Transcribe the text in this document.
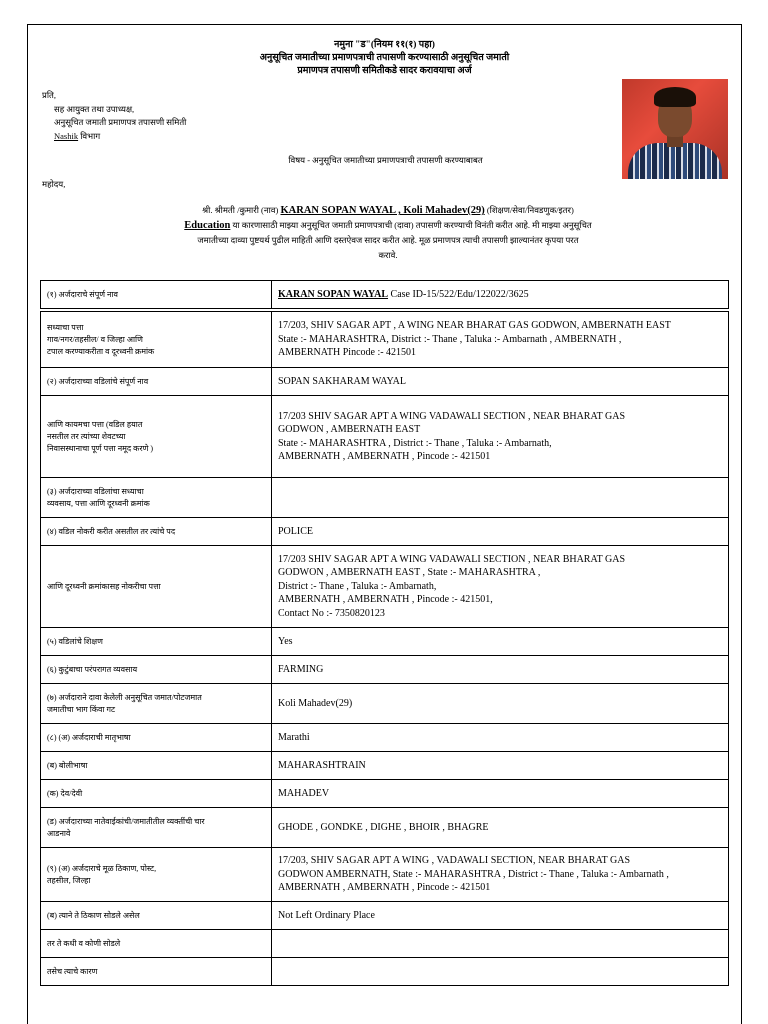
नमुना "ड"(नियम ११(१) पहा)
अनुसूचित जमातीच्या प्रमाणपत्राची तपासणी करण्यासाठी अनुसूचित जमाती
प्रमाणपत्र तपासणी समितीकडे सादर करावयाचा अर्ज
प्रति,
सह आयुक्त तथा उपाध्यक्ष,
अनुसूचित जमाती प्रमाणपत्र तपासणी समिती
Nashik विभाग
विषय - अनुसूचित जमातीच्या प्रमाणपत्राची तपासणी करण्याबाबत
महोदय,
श्री. श्रीमती /कुमारी (नाव) KARAN SOPAN WAYAL , Koli Mahadev(29) (शिक्षण/सेवा/निवडणुक/इतर)
Education या कारणासाठी माझ्या अनुसूचित जमाती प्रमाणपत्राची (दावा) तपासणी करण्याची विनंती करीत आहे. मी माझ्या अनुसूचित
जमातीच्या दाव्या पुष्टयर्थ पुढील माहिती आणि दस्तऐवज सादर करीत आहे. मूळ प्रमाणपत्र त्याची तपासणी झाल्यानंतर कृपया परत
करावे.
(१) अर्जदाराचे संपूर्ण नाव	KARAN SOPAN WAYAL Case ID-15/522/Edu/122022/3625

सध्याचा पत्ता
गाव/नगर/तहसील/ व जिल्हा आणि
टपाल करण्याकरीता व दूरध्वनी क्रमांक	17/203, SHIV SAGAR APT , A WING NEAR BHARAT GAS GODWON, AMBERNATH EAST
State :- MAHARASHTRA, District :- Thane , Taluka :- Ambarnath , AMBERNATH ,
AMBERNATH Pincode :- 421501
(२) अर्जदाराच्या वडिलांचे संपूर्ण नाव	SOPAN SAKHARAM WAYAL
आणि कायमचा पत्ता (वडिल हयात
नसतील तर त्यांच्या शेवटच्या
निवासस्थानाचा पूर्ण पत्ता नमूद करणे )	17/203 SHIV SAGAR APT A WING VADAWALI SECTION , NEAR BHARAT GAS
GODWON , AMBERNATH EAST
State :- MAHARASHTRA , District :- Thane , Taluka :- Ambarnath,
AMBERNATH , AMBERNATH , Pincode :- 421501
(३) अर्जदाराच्या वडिलांचा सध्याचा
व्यवसाय, पत्ता आणि दूरध्वनी क्रमांक	
(४) वडिल नोकरी करीत असतील तर त्यांचे पद	POLICE
आणि दूरध्वनी क्रमांकासह नोकरीचा पत्ता	17/203 SHIV SAGAR APT A WING VADAWALI SECTION , NEAR BHARAT GAS
GODWON , AMBERNATH EAST , State :- MAHARASHTRA ,
District :- Thane , Taluka :- Ambarnath,
AMBERNATH , AMBERNATH , Pincode :- 421501,
Contact No :- 7350820123
(५) वडिलांचे शिक्षण	Yes
(६) कुटुंबाचा परंपरागत व्यवसाय	FARMING
(७) अर्जदाराने दावा केलेली अनुसूचित जमात/पोटजमात
जमातीचा भाग किंवा गट	Koli Mahadev(29)
(८) (अ) अर्जदाराची मातृभाषा	Marathi
(ब) बोलीभाषा	MAHARASHTRAIN
(क) देव/देवी	MAHADEV
(ड) अर्जदाराच्या नातेवाईकांची/जमातीतील व्यक्तींची चार
आडनावे	GHODE , GONDKE , DIGHE , BHOIR , BHAGRE
(९) (अ) अर्जदाराचे मूळ ठिकाण, पोस्ट,
तहसील, जिल्हा	17/203, SHIV SAGAR APT A WING , VADAWALI SECTION, NEAR BHARAT GAS
GODWON AMBERNATH, State :- MAHARASHTRA , District :- Thane , Taluka :- Ambarnath ,
AMBERNATH , AMBERNATH , Pincode :- 421501
(ब) त्याने ते ठिकाण सोडले असेल	Not Left Ordinary Place
तर ते कधी व कोणी सोडले	
तसेच त्याचे कारण	
